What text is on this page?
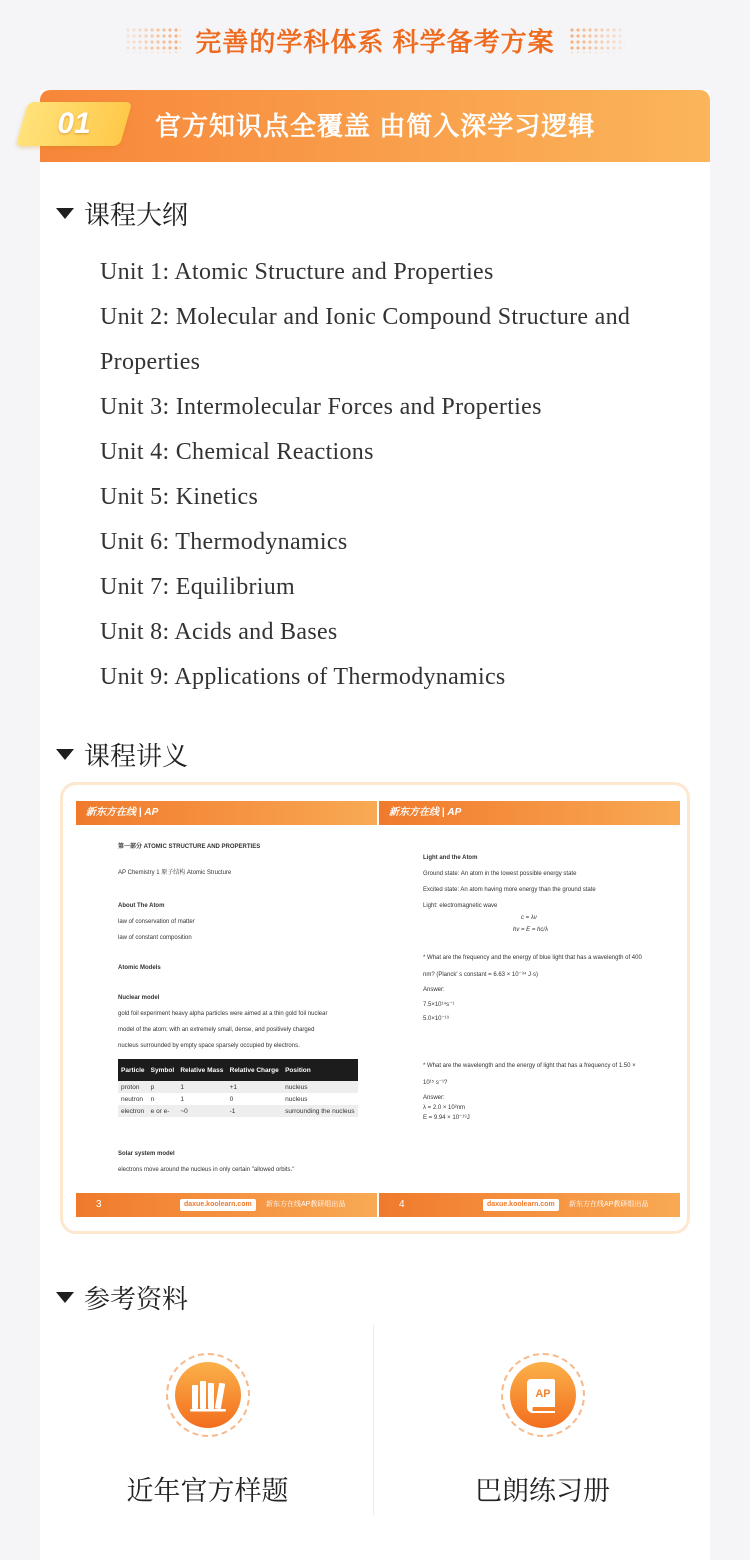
完善的学科体系 科学备考方案
官方知识点全覆盖 由简入深学习逻辑
01
课程大纲
Unit 1: Atomic Structure and Properties
Unit 2: Molecular and Ionic Compound Structure and Properties
Unit 3: Intermolecular Forces and Properties
Unit 4: Chemical Reactions
Unit 5: Kinetics
Unit 6: Thermodynamics
Unit 7: Equilibrium
Unit 8: Acids and Bases
Unit 9: Applications of Thermodynamics
课程讲义
新东方在线 | AP
第一部分 ATOMIC STRUCTURE AND PROPERTIES
AP Chemistry 1 原子结构 Atomic Structure
About The Atom
law of conservation of matter
law of constant composition
Atomic Models
Nuclear model
gold foil experiment heavy alpha particles were aimed at a thin gold foil nuclear
model of the atom: with an extremely small, dense, and positively charged
nucleus surrounded by empty space sparsely occupied by electrons.
Particle	Symbol	Relative Mass	Relative Charge	Position
proton	p	1	+1	nucleus
neutron	n	1	0	nucleus
electron	e or e-	~0	-1	surrounding the nucleus
Solar system model
electrons move around the nucleus in only certain "allowed orbits."
3	daxue.koolearn.com	新东方在线AP教研组出品
新东方在线 | AP
Light and the Atom
Ground state: An atom in the lowest possible energy state
Excited state: An atom having more energy than the ground state
Light: electromagnetic wave
c = λν
hν = E = hc/λ
* What are the frequency and the energy of blue light that has a wavelength of 400
nm? (Planck' s constant = 6.63 × 10⁻³⁴ J·s)
Answer:
7.5×10¹⁴s⁻¹
5.0×10⁻¹⁹
* What are the wavelength and the energy of light that has a frequency of 1.50 ×
10¹⁵ s⁻¹?
Answer:
λ = 2.0 × 10²nm
E = 9.94 × 10⁻¹⁹J
4	daxue.koolearn.com	新东方在线AP教研组出品
参考资料
近年官方样题
AP
巴朗练习册
